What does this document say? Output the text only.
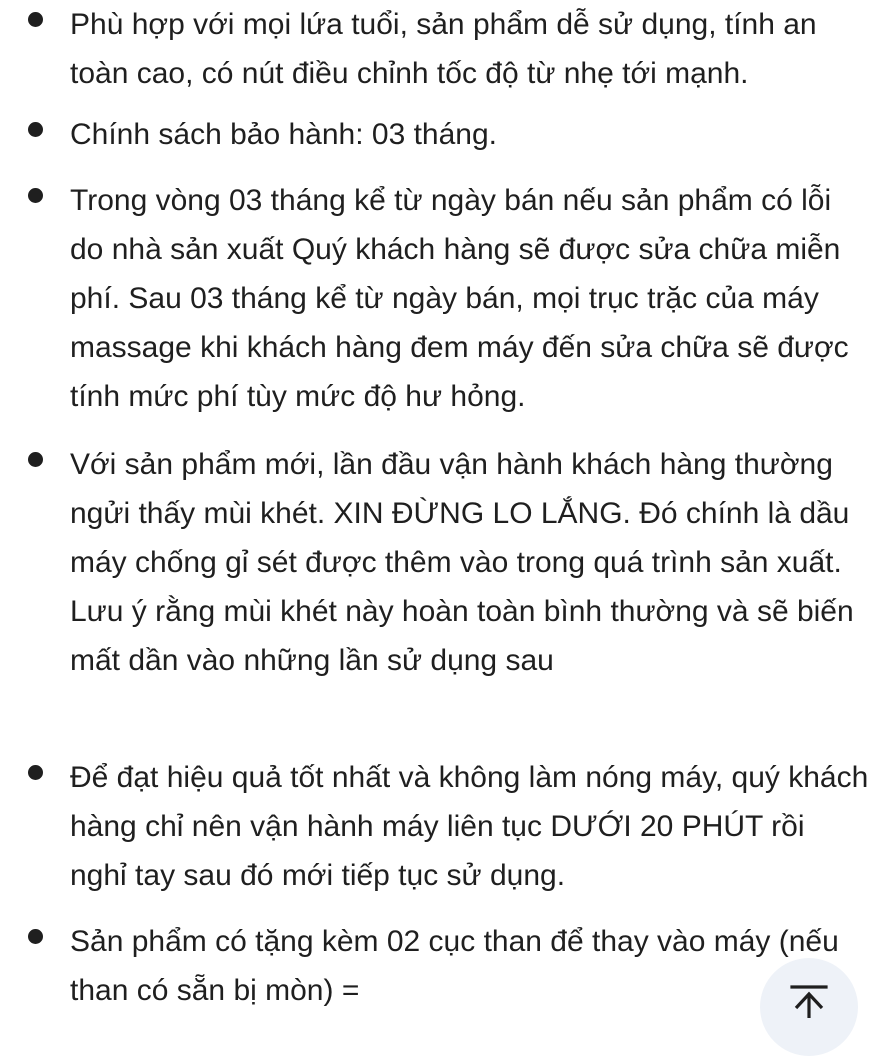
Phù hợp với mọi lứa tuổi, sản phẩm dễ sử dụng, tính an toàn cao, có nút điều chỉnh tốc độ từ nhẹ tới mạnh.
Chính sách bảo hành: 03 tháng.
Trong vòng 03 tháng kể từ ngày bán nếu sản phẩm có lỗi do nhà sản xuất Quý khách hàng sẽ được sửa chữa miễn phí. Sau 03 tháng kể từ ngày bán, mọi trục trặc của máy massage khi khách hàng đem máy đến sửa chữa sẽ được tính mức phí tùy mức độ hư hỏng.
Với sản phẩm mới, lần đầu vận hành khách hàng thường ngửi thấy mùi khét. XIN ĐỪNG LO LẮNG. Đó chính là dầu máy chống gỉ sét được thêm vào trong quá trình sản xuất. Lưu ý rằng mùi khét này hoàn toàn bình thường và sẽ biến mất dần vào những lần sử dụng sau
Để đạt hiệu quả tốt nhất và không làm nóng máy, quý khách hàng chỉ nên vận hành máy liên tục DƯỚI 20 PHÚT rồi nghỉ tay sau đó mới tiếp tục sử dụng.
Sản phẩm có tặng kèm 02 cục than để thay vào máy (nếu than có sẵn bị mòn) =
